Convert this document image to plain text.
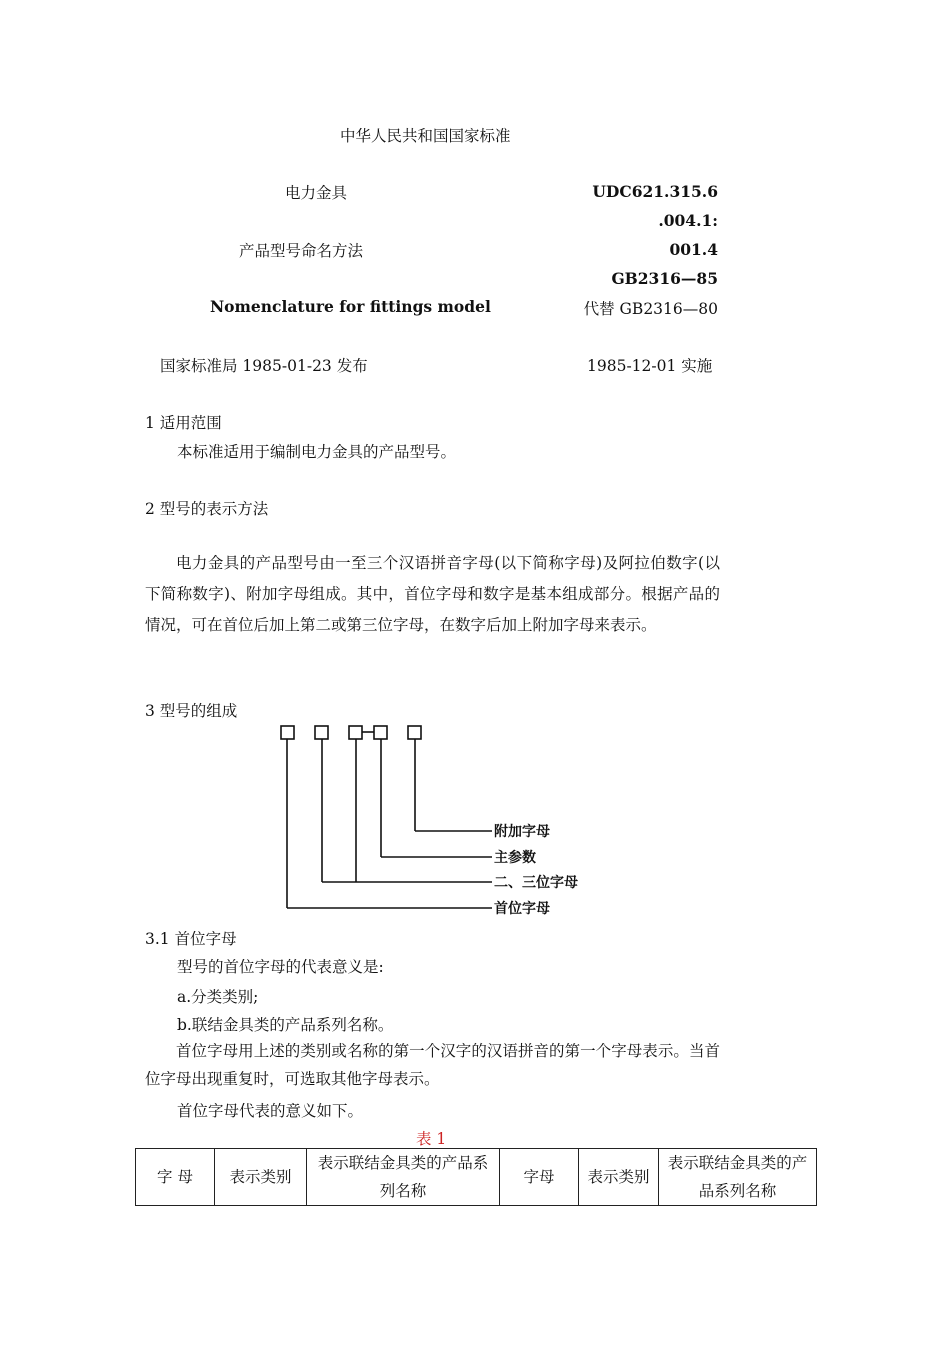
中华人民共和国国家标准
电力金具
产品型号命名方法
Nomenclature for fittings model
UDC621.315.6
.004.1:
001.4
GB2316—85
代替 GB2316—80
国家标准局 1985-01-23 发布	1985-12-01 实施
1 适用范围
本标准适用于编制电力金具的产品型号。
2 型号的表示方法
电力金具的产品型号由一至三个汉语拼音字母(以下简称字母)及阿拉伯数字(以下简称数字)、附加字母组成。其中，首位字母和数字是基本组成部分。根据产品的情况，可在首位后加上第二或第三位字母，在数字后加上附加字母来表示。
3 型号的组成
附加字母
主参数
二、三位字母
首位字母
3.1 首位字母
型号的首位字母的代表意义是:
a.分类类别;
b.联结金具类的产品系列名称。
首位字母用上述的类别或名称的第一个汉字的汉语拼音的第一个字母表示。当首位字母出现重复时，可选取其他字母表示。
首位字母代表的意义如下。
表 1
字 母	表示类别	表示联结金具类的产品系列名称	字母	表示类别	表示联结金具类的产品系列名称
